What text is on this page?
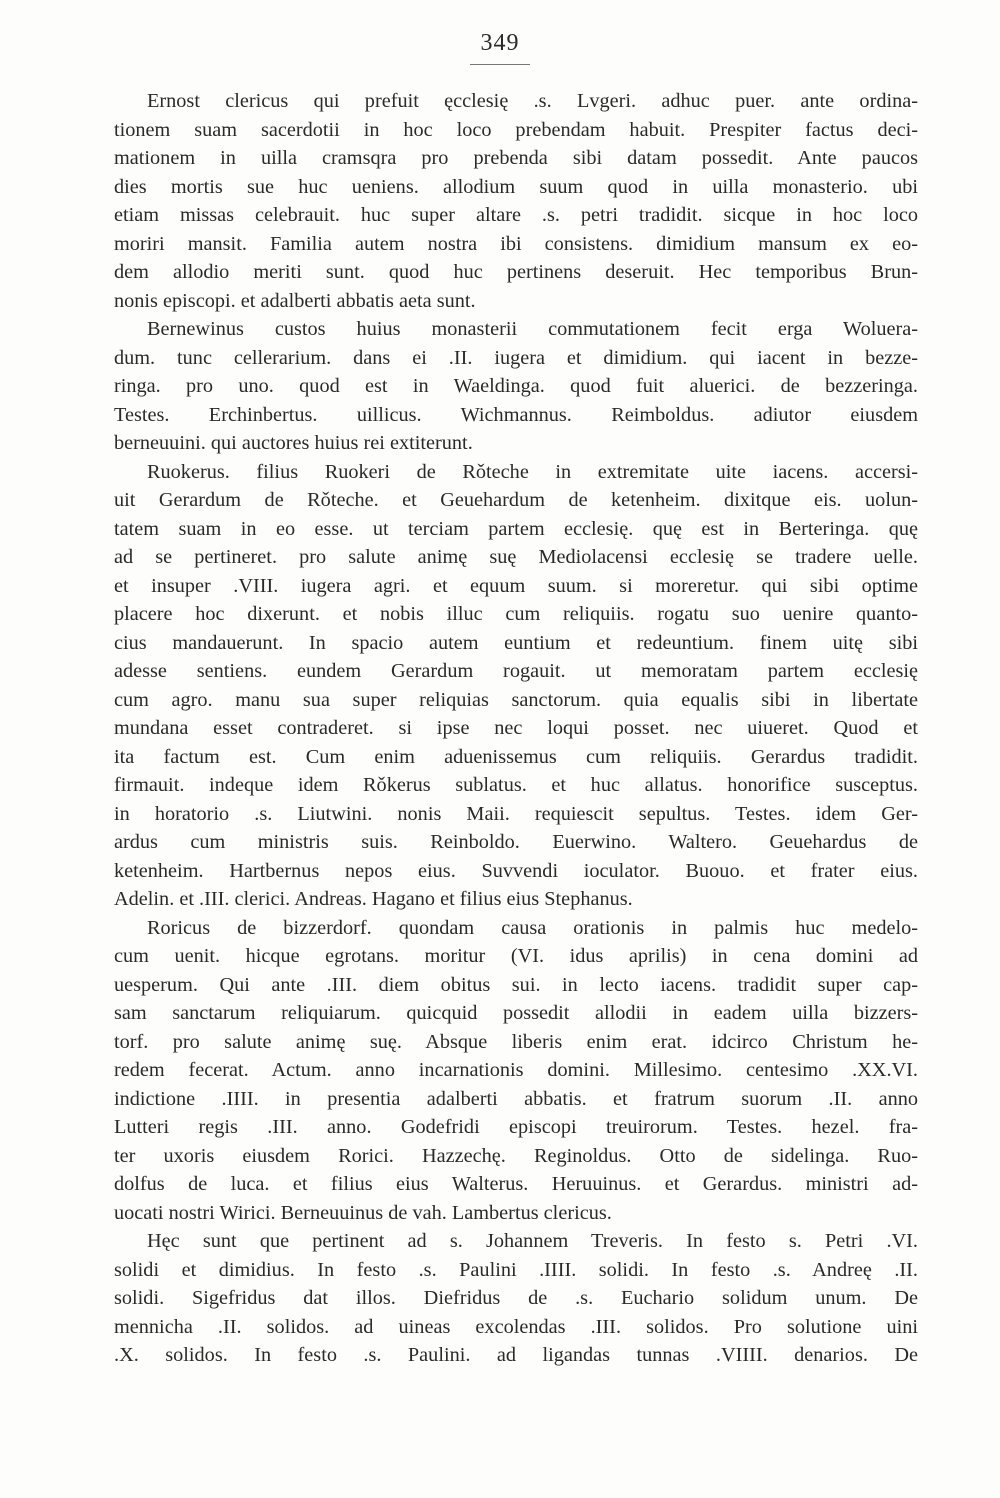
349
Ernost clericus qui prefuit ęcclesię .s. Lvgeri. adhuc puer. ante ordina-
tionem suam sacerdotii in hoc loco prebendam habuit. Prespiter factus deci-
mationem in uilla cramsqra pro prebenda sibi datam possedit. Ante paucos
dies mortis sue huc ueniens. allodium suum quod in uilla monasterio. ubi
etiam missas celebrauit. huc super altare .s. petri tradidit. sicque in hoc loco
moriri mansit. Familia autem nostra ibi consistens. dimidium mansum ex eo-
dem allodio meriti sunt. quod huc pertinens deseruit. Hec temporibus Brun-
nonis episcopi. et adalberti abbatis aeta sunt.
Bernewinus custos huius monasterii commutationem fecit erga Woluera-
dum. tunc cellerarium. dans ei .II. iugera et dimidium. qui iacent in bezze-
ringa. pro uno. quod est in Waeldinga. quod fuit aluerici. de bezzeringa.
Testes. Erchinbertus. uillicus. Wichmannus. Reimboldus. adiutor eiusdem
berneuuini. qui auctores huius rei extiterunt.
Ruokerus. filius Ruokeri de Rǒteche in extremitate uite iacens. accersi-
uit Gerardum de Rǒteche. et Geuehardum de ketenheim. dixitque eis. uolun-
tatem suam in eo esse. ut terciam partem ecclesię. quę est in Berteringa. quę
ad se pertineret. pro salute animę suę Mediolacensi ecclesię se tradere uelle.
et insuper .VIII. iugera agri. et equum suum. si moreretur. qui sibi optime
placere hoc dixerunt. et nobis illuc cum reliquiis. rogatu suo uenire quanto-
cius mandauerunt. In spacio autem euntium et redeuntium. finem uitę sibi
adesse sentiens. eundem Gerardum rogauit. ut memoratam partem ecclesię
cum agro. manu sua super reliquias sanctorum. quia equalis sibi in libertate
mundana esset contraderet. si ipse nec loqui posset. nec uiueret. Quod et
ita factum est. Cum enim aduenissemus cum reliquiis. Gerardus tradidit.
firmauit. indeque idem Rǒkerus sublatus. et huc allatus. honorifice susceptus.
in horatorio .s. Liutwini. nonis Maii. requiescit sepultus. Testes. idem Ger-
ardus cum ministris suis. Reinboldo. Euerwino. Waltero. Geuehardus de
ketenheim. Hartbernus nepos eius. Suvvendi ioculator. Buouo. et frater eius.
Adelin. et .III. clerici. Andreas. Hagano et filius eius Stephanus.
Roricus de bizzerdorf. quondam causa orationis in palmis huc medelo-
cum uenit. hicque egrotans. moritur (VI. idus aprilis) in cena domini ad
uesperum. Qui ante .III. diem obitus sui. in lecto iacens. tradidit super cap-
sam sanctarum reliquiarum. quicquid possedit allodii in eadem uilla bizzers-
torf. pro salute animę suę. Absque liberis enim erat. idcirco Christum he-
redem fecerat. Actum. anno incarnationis domini. Millesimo. centesimo .XX.VI.
indictione .IIII. in presentia adalberti abbatis. et fratrum suorum .II. anno
Lutteri regis .III. anno. Godefridi episcopi treuirorum. Testes. hezel. fra-
ter uxoris eiusdem Rorici. Hazzechę. Reginoldus. Otto de sidelinga. Ruo-
dolfus de luca. et filius eius Walterus. Heruuinus. et Gerardus. ministri ad-
uocati nostri Wirici. Berneuuinus de vah. Lambertus clericus.
Hęc sunt que pertinent ad s. Johannem Treveris. In festo s. Petri .VI.
solidi et dimidius. In festo .s. Paulini .IIII. solidi. In festo .s. Andreę .II.
solidi. Sigefridus dat illos. Diefridus de .s. Euchario solidum unum. De
mennicha .II. solidos. ad uineas excolendas .III. solidos. Pro solutione uini
.X. solidos. In festo .s. Paulini. ad ligandas tunnas .VIIII. denarios. De
